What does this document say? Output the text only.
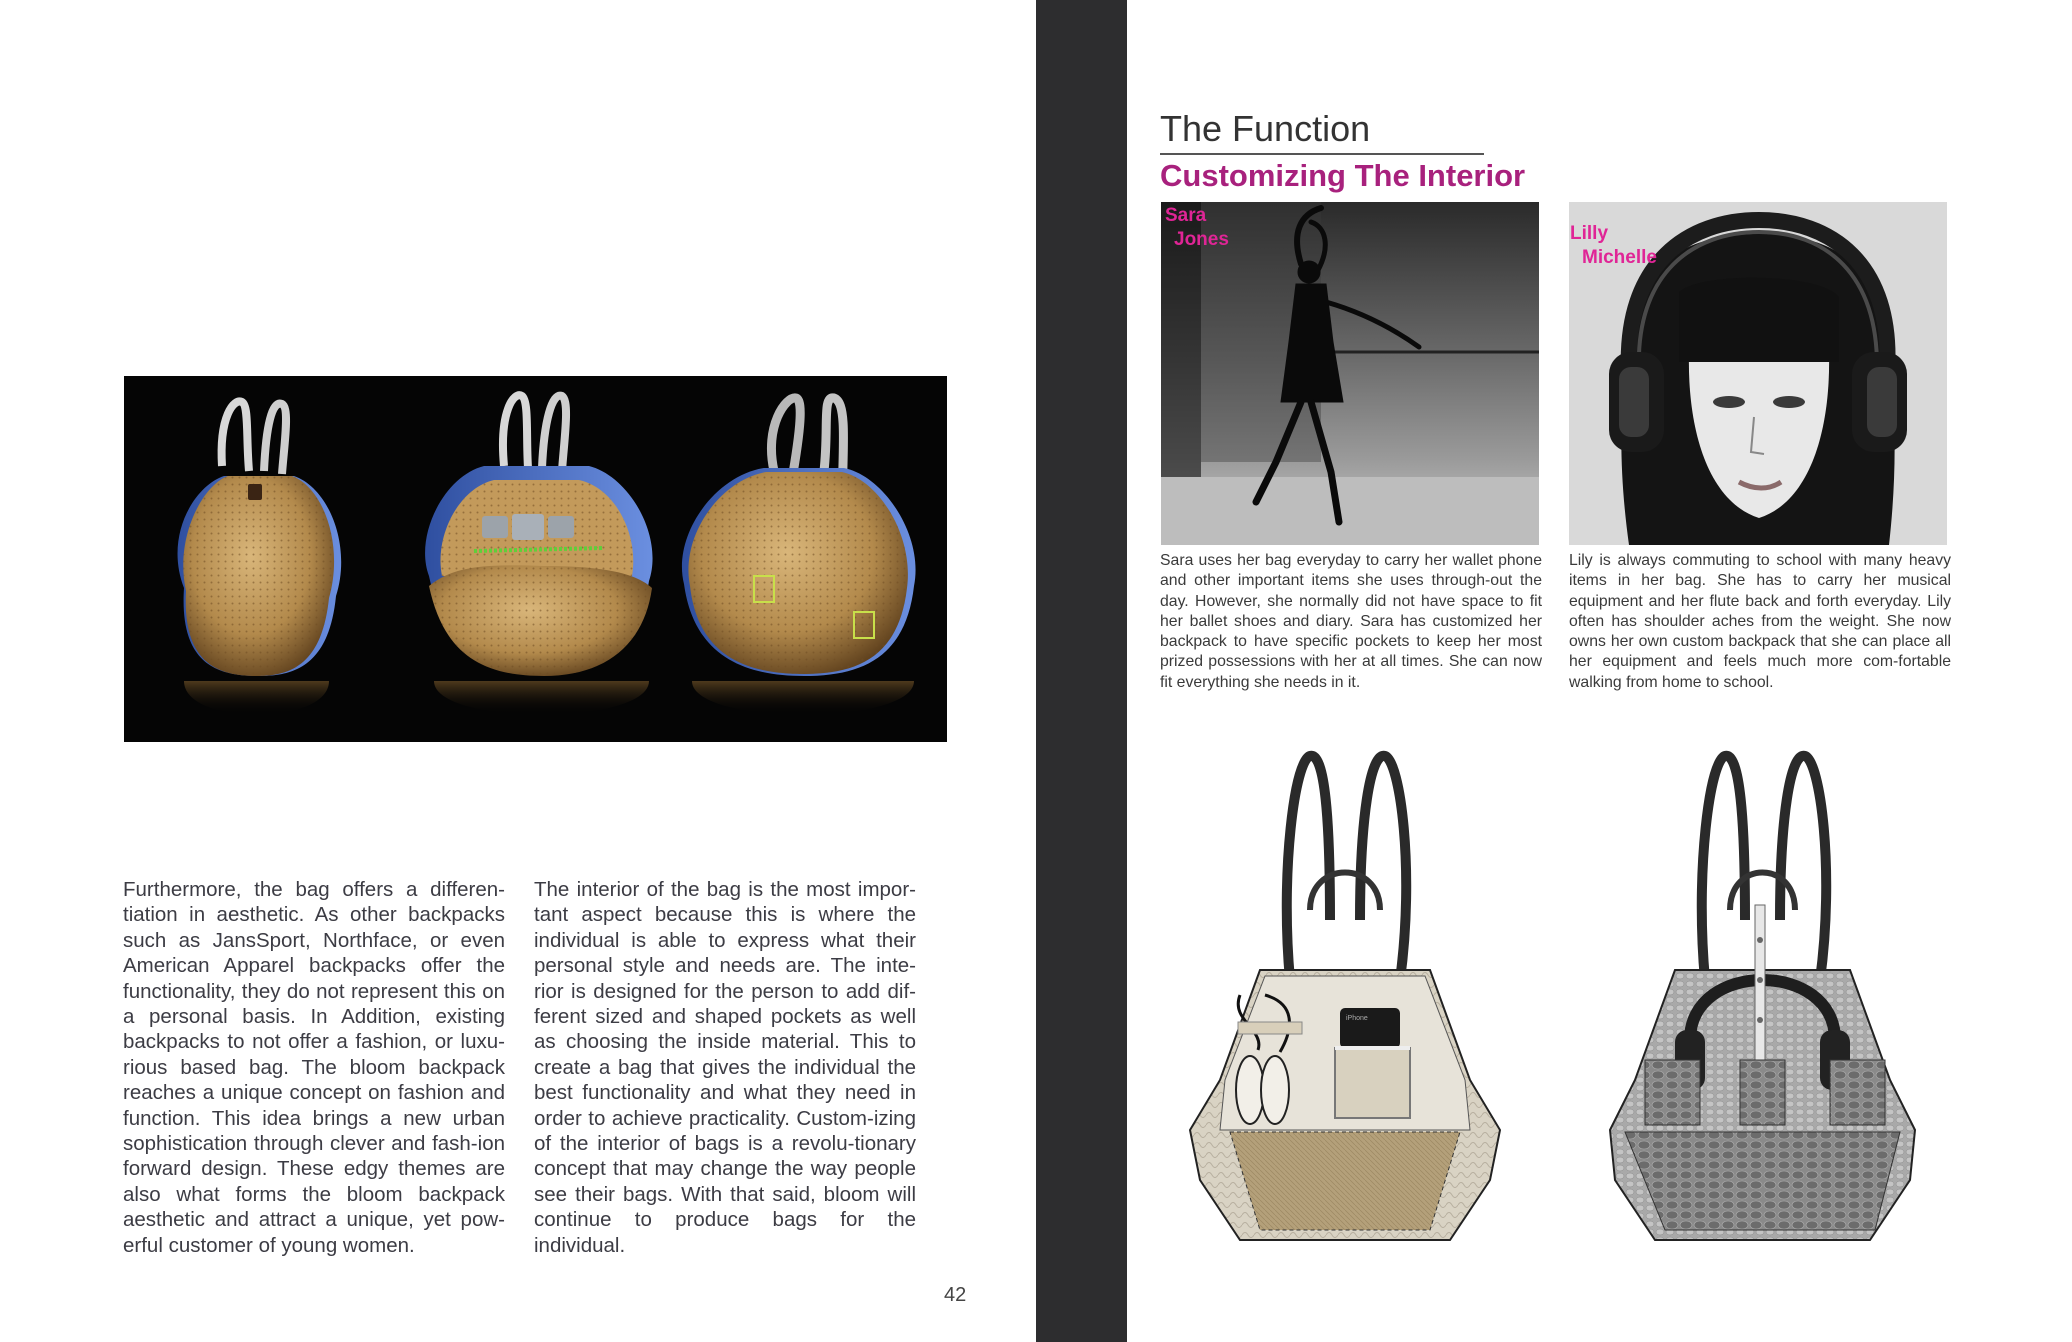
Furthermore, the bag offers a differen-tiation in aesthetic. As other backpacks such as JansSport, Northface, or even American Apparel backpacks offer the functionality, they do not represent this on a personal basis. In Addition, existing backpacks to not offer a fashion, or luxu-rious based bag. The bloom backpack reaches a unique concept on fashion and function. This idea brings a new urban sophistication through clever and fash-ion forward design. These edgy themes are also what forms the bloom backpack aesthetic and attract a unique, yet pow-erful customer of young women.

The interior of the bag is the most impor-tant aspect because this is where the individual is able to express what their personal style and needs are. The inte-rior is designed for the person to add dif-ferent sized and shaped pockets as well as choosing the inside material. This to create a bag that gives the individual the best functionality and what they need in order to achieve practicality. Custom-izing of the interior of bags is a revolu-tionary concept that may change the way people see their bags. With that said, bloom will continue to produce bags for the individual.

42
The Function
Customizing The Interior
Sara
Jones	Lilly
Michelle

Sara uses her bag everyday to carry her wallet phone and other important items she uses through-out the day. However, she normally did not have space to fit her ballet shoes and diary. Sara has customized her backpack to have specific pockets to keep her most prized possessions with her at all times. She can now fit everything she needs in it.

Lily is always commuting to school with many heavy items in her bag. She has to carry her musical equipment and her flute back and forth everyday. Lily often has shoulder aches from the weight. She now owns her own custom backpack that she can place all her equipment and feels much more com-fortable walking from home to school.

iPhone
